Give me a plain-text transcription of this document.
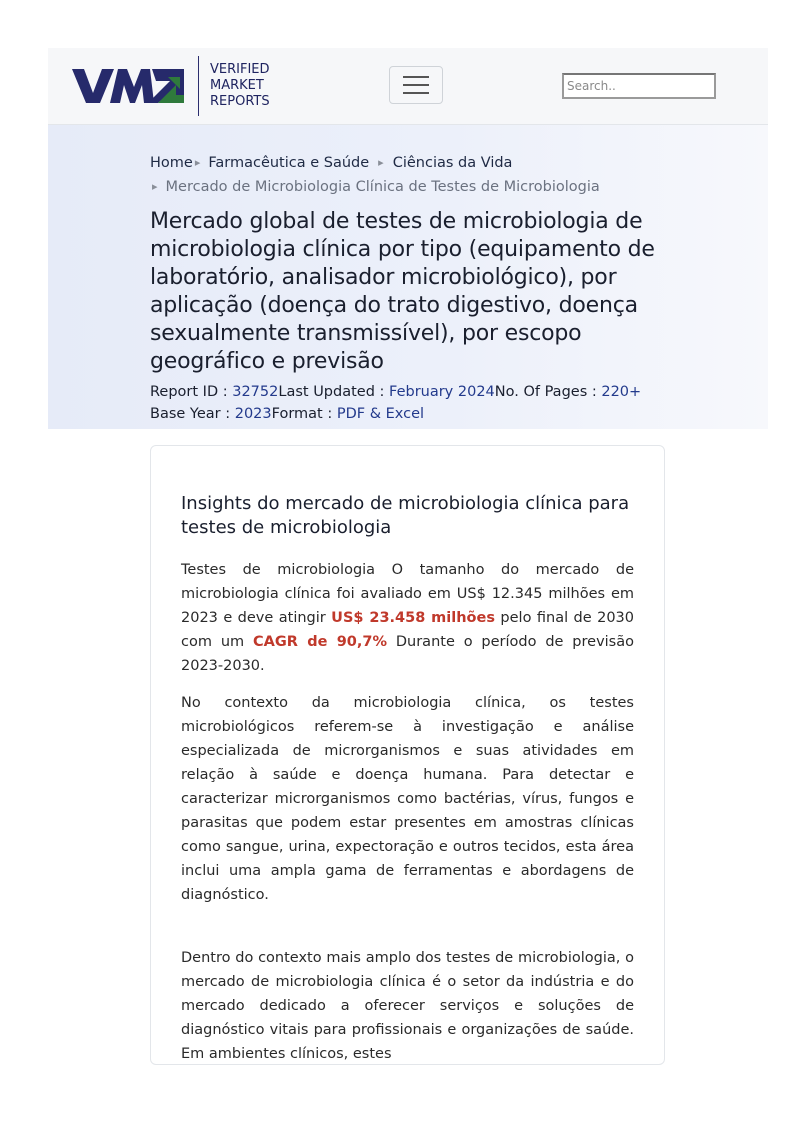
VERIFIED
MARKET
REPORTS
Search..
Home ▸ Farmacêutica e Saúde ▸ Ciências da Vida
▸ Mercado de Microbiologia Clínica de Testes de Microbiologia
Mercado global de testes de microbiologia de microbiologia clínica por tipo (equipamento de laboratório, analisador microbiológico), por aplicação (doença do trato digestivo, doença sexualmente transmissível), por escopo geográfico e previsão
Report ID : 32752Last Updated : February 2024No. Of Pages : 220+
Base Year : 2023Format : PDF & Excel
Insights do mercado de microbiologia clínica para testes de microbiologia

Testes de microbiologia O tamanho do mercado de microbiologia clínica foi avaliado em US$ 12.345 milhões em 2023 e deve atingir US$ 23.458 milhões pelo final de 2030 com um CAGR de 90,7% Durante o período de previsão 2023-2030.

No contexto da microbiologia clínica, os testes microbiológicos referem-se à investigação e análise especializada de microrganismos e suas atividades em relação à saúde e doença humana. Para detectar e caracterizar microrganismos como bactérias, vírus, fungos e parasitas que podem estar presentes em amostras clínicas como sangue, urina, expectoração e outros tecidos, esta área inclui uma ampla gama de ferramentas e abordagens de diagnóstico.

Dentro do contexto mais amplo dos testes de microbiologia, o mercado de microbiologia clínica é o setor da indústria e do mercado dedicado a oferecer serviços e soluções de diagnóstico vitais para profissionais e organizações de saúde. Em ambientes clínicos, estes
